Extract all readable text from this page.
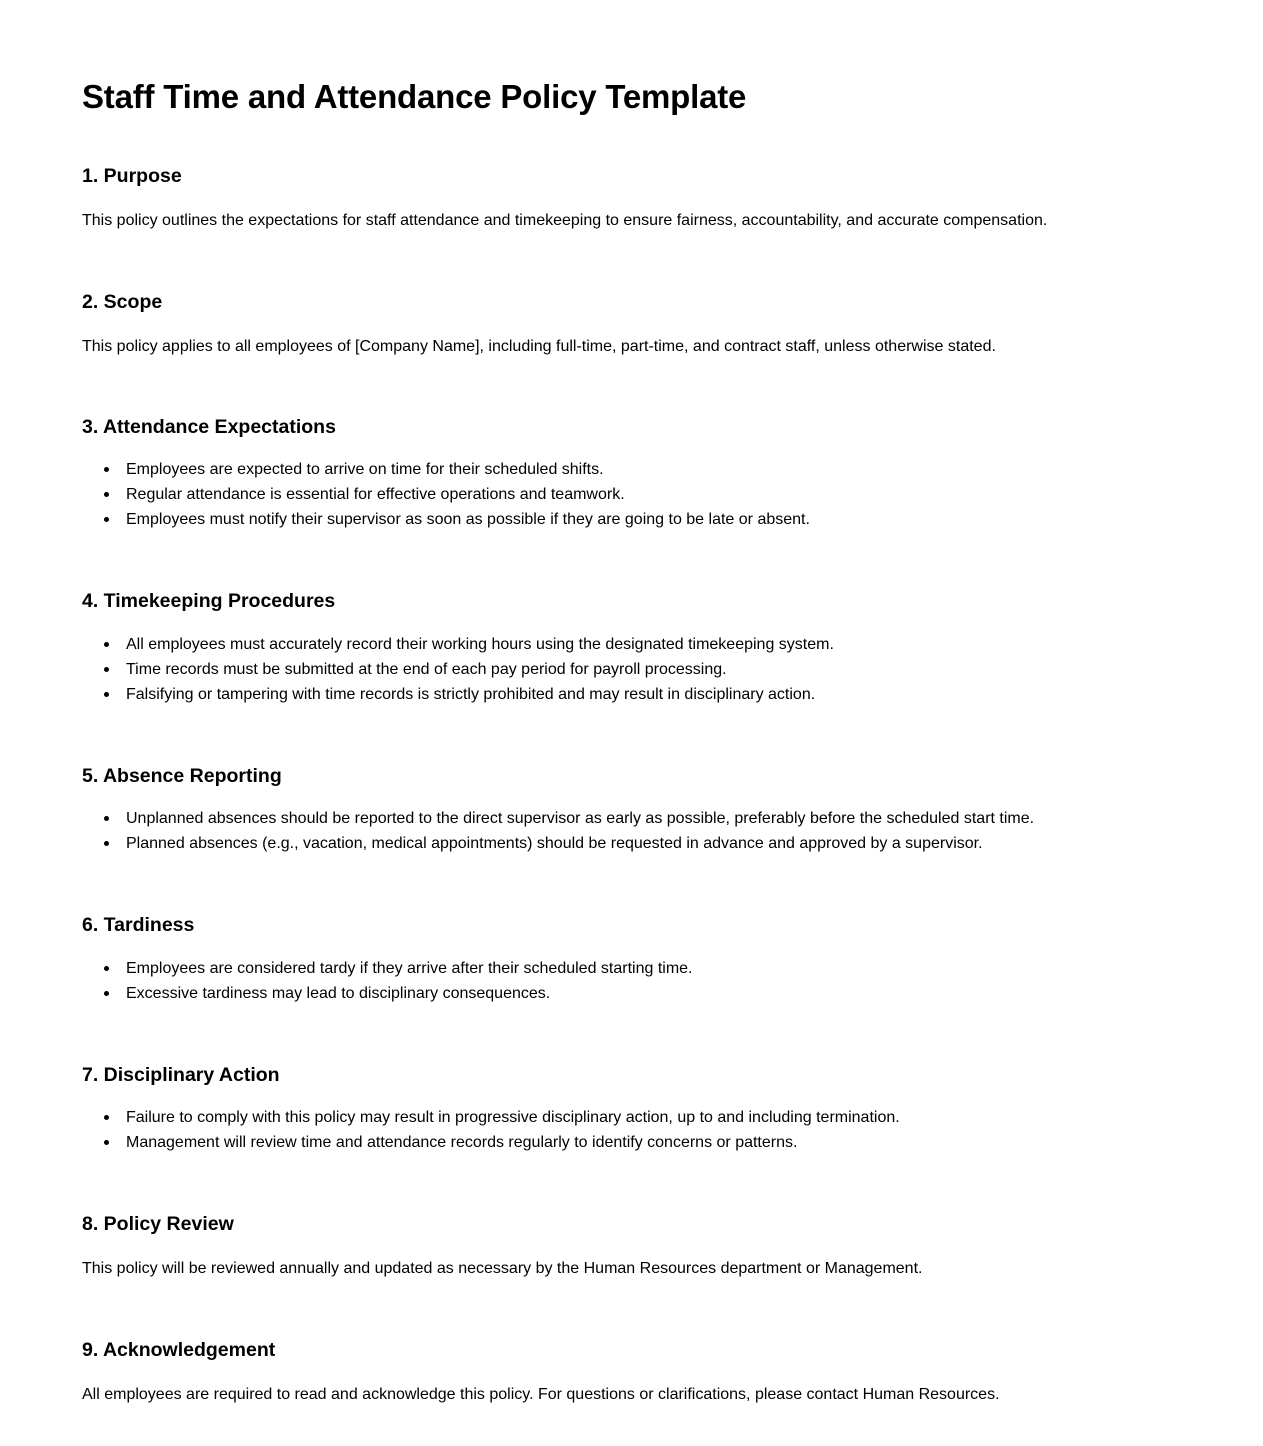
Staff Time and Attendance Policy Template
1. Purpose

This policy outlines the expectations for staff attendance and timekeeping to ensure fairness, accountability, and accurate compensation.

2. Scope

This policy applies to all employees of [Company Name], including full-time, part-time, and contract staff, unless otherwise stated.

3. Attendance Expectations
Employees are expected to arrive on time for their scheduled shifts.
Regular attendance is essential for effective operations and teamwork.
Employees must notify their supervisor as soon as possible if they are going to be late or absent.
4. Timekeeping Procedures
All employees must accurately record their working hours using the designated timekeeping system.
Time records must be submitted at the end of each pay period for payroll processing.
Falsifying or tampering with time records is strictly prohibited and may result in disciplinary action.
5. Absence Reporting
Unplanned absences should be reported to the direct supervisor as early as possible, preferably before the scheduled start time.
Planned absences (e.g., vacation, medical appointments) should be requested in advance and approved by a supervisor.
6. Tardiness
Employees are considered tardy if they arrive after their scheduled starting time.
Excessive tardiness may lead to disciplinary consequences.
7. Disciplinary Action
Failure to comply with this policy may result in progressive disciplinary action, up to and including termination.
Management will review time and attendance records regularly to identify concerns or patterns.
8. Policy Review

This policy will be reviewed annually and updated as necessary by the Human Resources department or Management.

9. Acknowledgement

All employees are required to read and acknowledge this policy. For questions or clarifications, please contact Human Resources.
